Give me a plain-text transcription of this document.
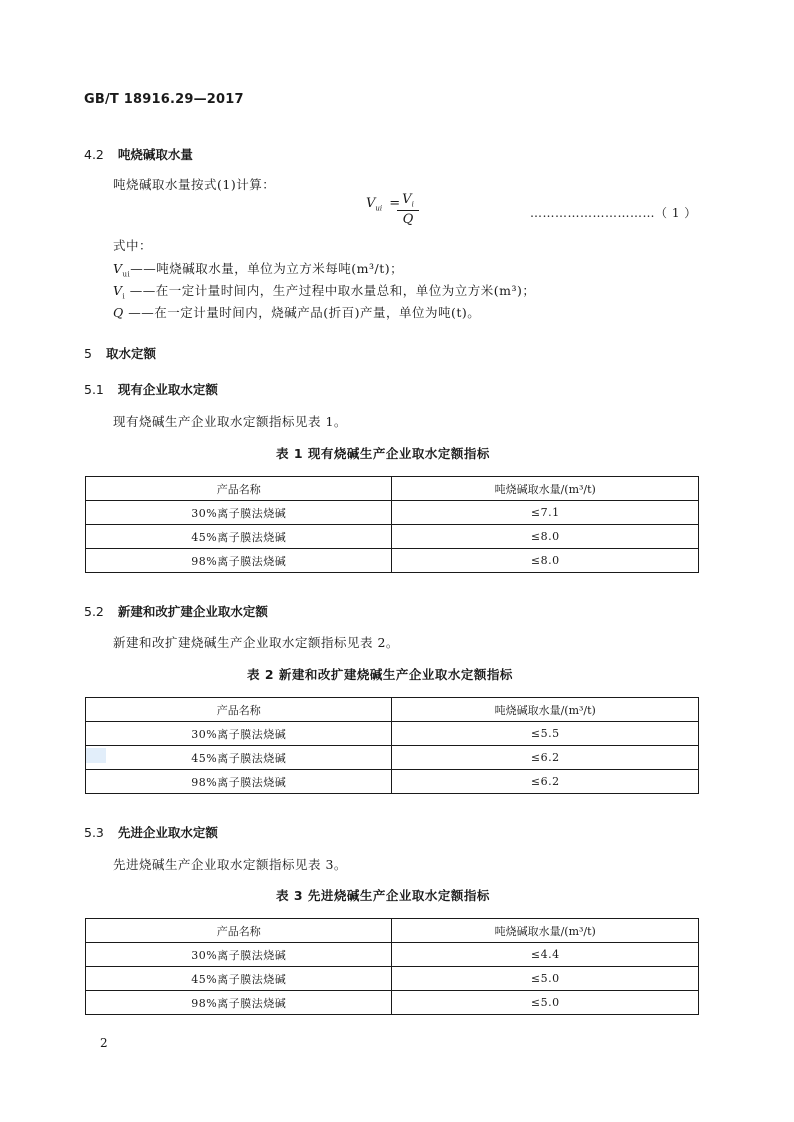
GB/T 18916.29—2017
4.2 吨烧碱取水量
吨烧碱取水量按式(1)计算：
$V_{ui} = V_i$
Q	…………………………（ 1 ）
式中：
$V_{ui}——$吨烧碱取水量，单位为立方米每吨(m³/t)；
$V_i$ ——在一定计量时间内，生产过程中取水量总和，单位为立方米(m³)；
Q ——在一定计量时间内，烧碱产品(折百)产量，单位为吨(t)。
5 取水定额
5.1 现有企业取水定额
现有烧碱生产企业取水定额指标见表 1。
表 1 现有烧碱生产企业取水定额指标
产品名称	吨烧碱取水量/(m³/t)
30%离子膜法烧碱	≤7.1
45%离子膜法烧碱	≤8.0
98%离子膜法烧碱	≤8.0
5.2 新建和改扩建企业取水定额
新建和改扩建烧碱生产企业取水定额指标见表 2。
表 2 新建和改扩建烧碱生产企业取水定额指标
产品名称	吨烧碱取水量/(m³/t)
30%离子膜法烧碱	≤5.5
45%离子膜法烧碱	≤6.2
98%离子膜法烧碱	≤6.2
5.3 先进企业取水定额
先进烧碱生产企业取水定额指标见表 3。
表 3 先进烧碱生产企业取水定额指标
产品名称	吨烧碱取水量/(m³/t)
30%离子膜法烧碱	≤4.4
45%离子膜法烧碱	≤5.0
98%离子膜法烧碱	≤5.0
2
